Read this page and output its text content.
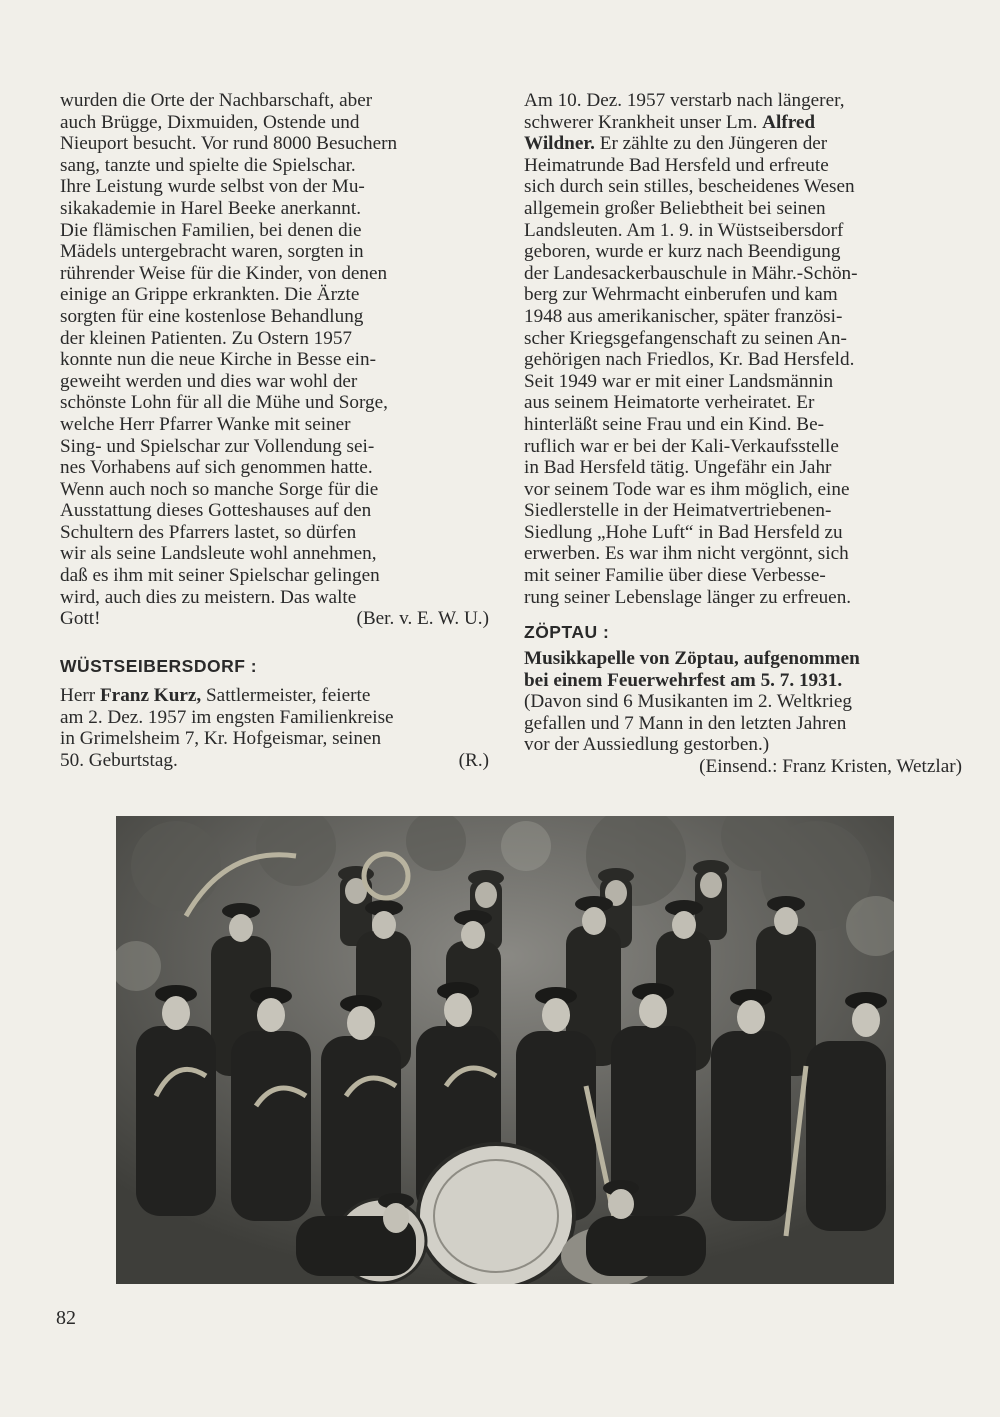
wurden die Orte der Nachbarschaft, aber

auch Brügge, Dixmuiden, Ostende und

Nieuport besucht. Vor rund 8000 Besuchern

sang, tanzte und spielte die Spielschar.

Ihre Leistung wurde selbst von der Mu-

sikakademie in Harel Beeke anerkannt.

Die flämischen Familien, bei denen die

Mädels untergebracht waren, sorgten in

rührender Weise für die Kinder, von denen

einige an Grippe erkrankten. Die Ärzte

sorgten für eine kostenlose Behandlung

der kleinen Patienten. Zu Ostern 1957

konnte nun die neue Kirche in Besse ein-

geweiht werden und dies war wohl der

schönste Lohn für all die Mühe und Sorge,

welche Herr Pfarrer Wanke mit seiner

Sing- und Spielschar zur Vollendung sei-

nes Vorhabens auf sich genommen hatte.

Wenn auch noch so manche Sorge für die

Ausstattung dieses Gotteshauses auf den

Schultern des Pfarrers lastet, so dürfen

wir als seine Landsleute wohl annehmen,

daß es ihm mit seiner Spielschar gelingen

wird, auch dies zu meistern. Das walte

Gott!	(Ber. v. E. W. U.)

WÜSTSEIBERSDORF :

Herr Franz Kurz, Sattlermeister, feierte

am 2. Dez. 1957 im engsten Familienkreise

in Grimelsheim 7, Kr. Hofgeismar, seinen

50. Geburtstag.	(R.)

Am 10. Dez. 1957 verstarb nach längerer,

schwerer Krankheit unser Lm. Alfred

Wildner. Er zählte zu den Jüngeren der

Heimatrunde Bad Hersfeld und erfreute

sich durch sein stilles, bescheidenes Wesen

allgemein großer Beliebtheit bei seinen

Landsleuten. Am 1. 9. in Wüstseibersdorf

geboren, wurde er kurz nach Beendigung

der Landesackerbauschule in Mähr.-Schön-

berg zur Wehrmacht einberufen und kam

1948 aus amerikanischer, später französi-

scher Kriegsgefangenschaft zu seinen An-

gehörigen nach Friedlos, Kr. Bad Hersfeld.

Seit 1949 war er mit einer Landsmännin

aus seinem Heimatorte verheiratet. Er

hinterläßt seine Frau und ein Kind. Be-

ruflich war er bei der Kali-Verkaufsstelle

in Bad Hersfeld tätig. Ungefähr ein Jahr

vor seinem Tode war es ihm möglich, eine

Siedlerstelle in der Heimatvertriebenen-

Siedlung „Hohe Luft“ in Bad Hersfeld zu

erwerben. Es war ihm nicht vergönnt, sich

mit seiner Familie über diese Verbesse-

rung seiner Lebenslage länger zu erfreuen.

ZÖPTAU :

Musikkapelle von Zöptau, aufgenommen

bei einem Feuerwehrfest am 5. 7. 1931.

(Davon sind 6 Musikanten im 2. Weltkrieg

gefallen und 7 Mann in den letzten Jahren

vor der Aussiedlung gestorben.)

(Einsend.: Franz Kristen, Wetzlar)

82
